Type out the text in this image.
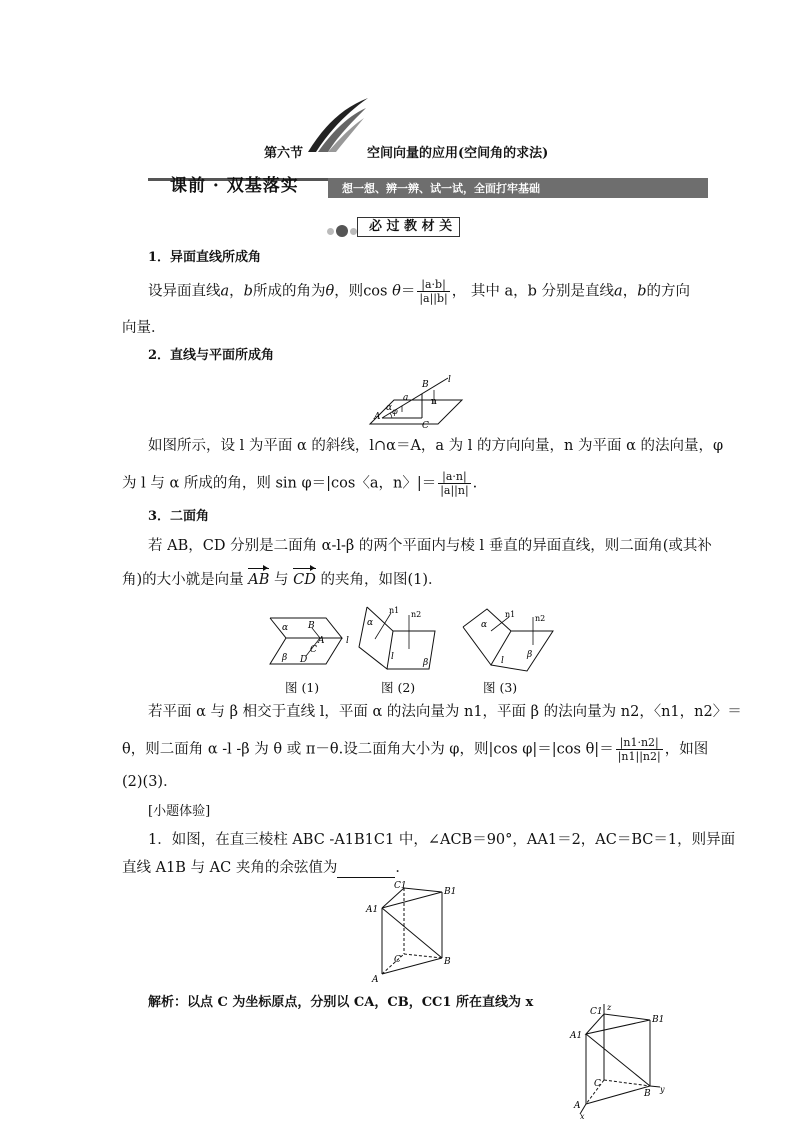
第六节	空间向量的应用(空间角的求法)
课前 · 双基落实	想一想、辨一辨、试一试，全面打牢基础
必 过 教 材 关
1．异面直线所成角
设异面直线a，b所成的角为θ，则$\cos \theta= \frac{|a\cdot b|}{|a||b|}$ ， 其中 a，b 分别是直线a，b的方向
向量．
2．直线与平面所成角
B l
a	n
A
φ
C
α
如图所示，设 l 为平面 α 的斜线，l∩α＝A，a 为 l 的方向向量，n 为平面 α 的法向量，φ
为 l 与 α 所成的角，则 sin φ＝|cos〈a，n〉|＝ $\frac{|a\cdot n|}{|a||n|}$ .
3．二面角
若 AB，CD 分别是二面角 α-l-β 的两个平面内与棱 l 垂直的异面直线，则二面角(或其补
角)的大小就是向量 AB 与 CD 的夹角，如图(1)．
α B
A l
C
β D
图 (1)
n1 n2
α
l
β
图 (2)
n1 n2
α
l
β
图 (3)
若平面 α 与 β 相交于直线 l，平面 α 的法向量为 n1，平面 β 的法向量为 n2，〈n1，n2〉＝
θ，则二面角 α -l -β 为 θ 或 π－θ.设二面角大小为 φ，则|cos φ|＝|cos $\theta|= \frac{|n1\cdot n2|}{|n1||n2|}$ ，如图
(2)(3)．
[小题体验]
1．如图，在直三棱柱 ABC -A1B1C1 中，∠ACB＝90°，AA1＝2，AC＝BC＝1，则异面
直线 A1B 与 AC 夹角的余弦值为	．
C1
B1
A1
C	B
A
解析：以点 C 为坐标原点，分别以 CA，CB，CC1 所在直线为 x	z
C1
B1
A1
C
B y
A
x
